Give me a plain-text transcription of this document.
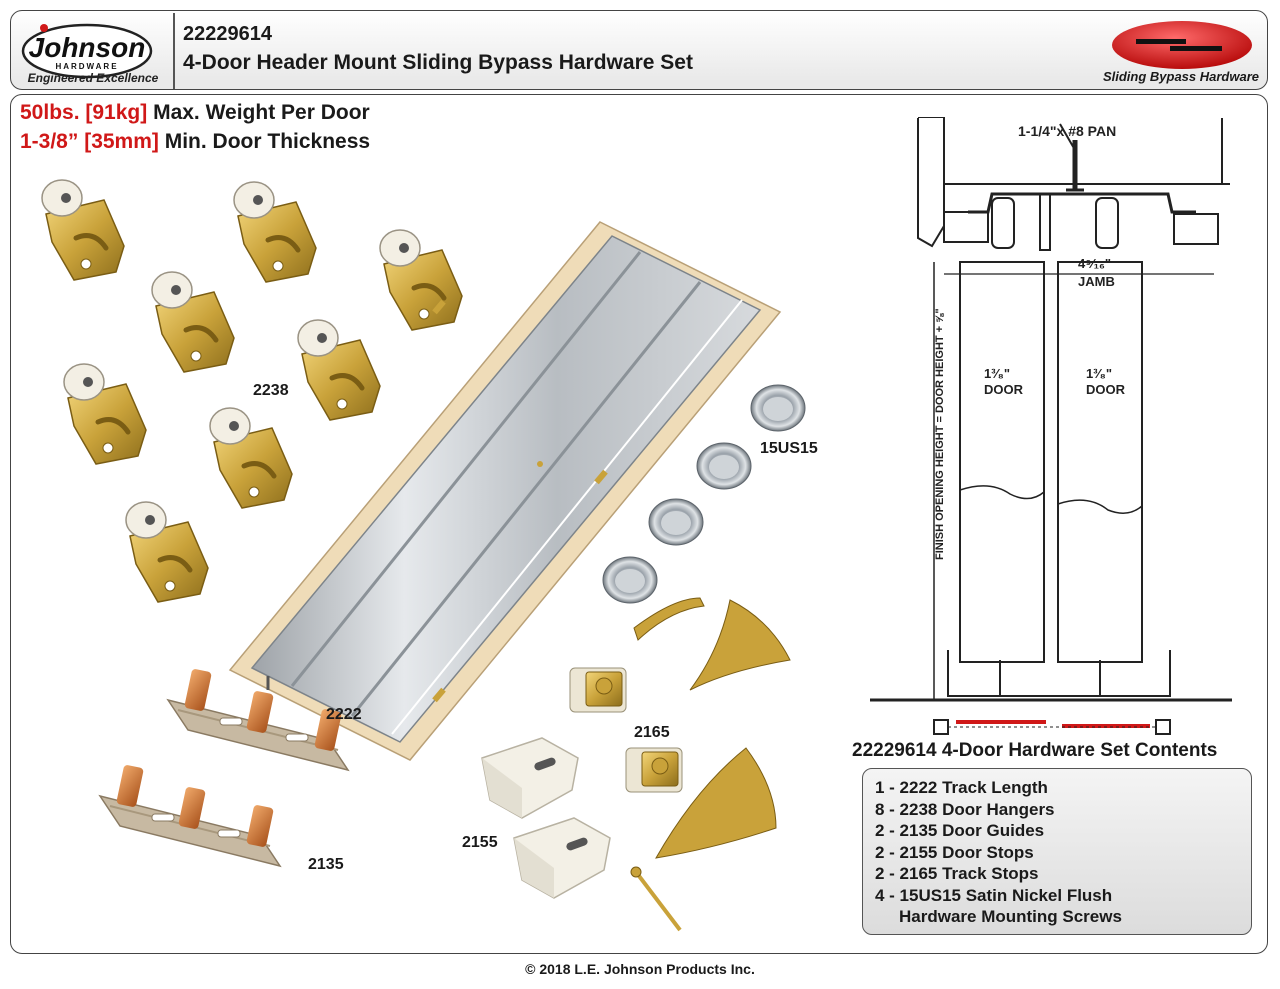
Johnson
HARDWARE
Engineered Excellence
22229614
4-Door Header Mount Sliding Bypass Hardware Set
Sliding Bypass Hardware
50lbs. [91kg] Max. Weight Per Door
1-3/8” [35mm] Min. Door Thickness
2238
2222
15US15
2165
2155
2135
1-1/4"x #8 PAN
4⁹⁄₁₆"
JAMB
1³⁄₈"
DOOR
1³⁄₈"
DOOR
FINISH OPENING HEIGHT = DOOR HEIGHT + ⅝"
22229614 4-Door Hardware Set Contents
1 - 2222 Track Length
8 - 2238 Door Hangers
2 - 2135 Door Guides
2 - 2155 Door Stops
2 - 2165 Track Stops
4 - 15US15 Satin Nickel Flush
Hardware Mounting Screws
© 2018 L.E. Johnson Products Inc.
